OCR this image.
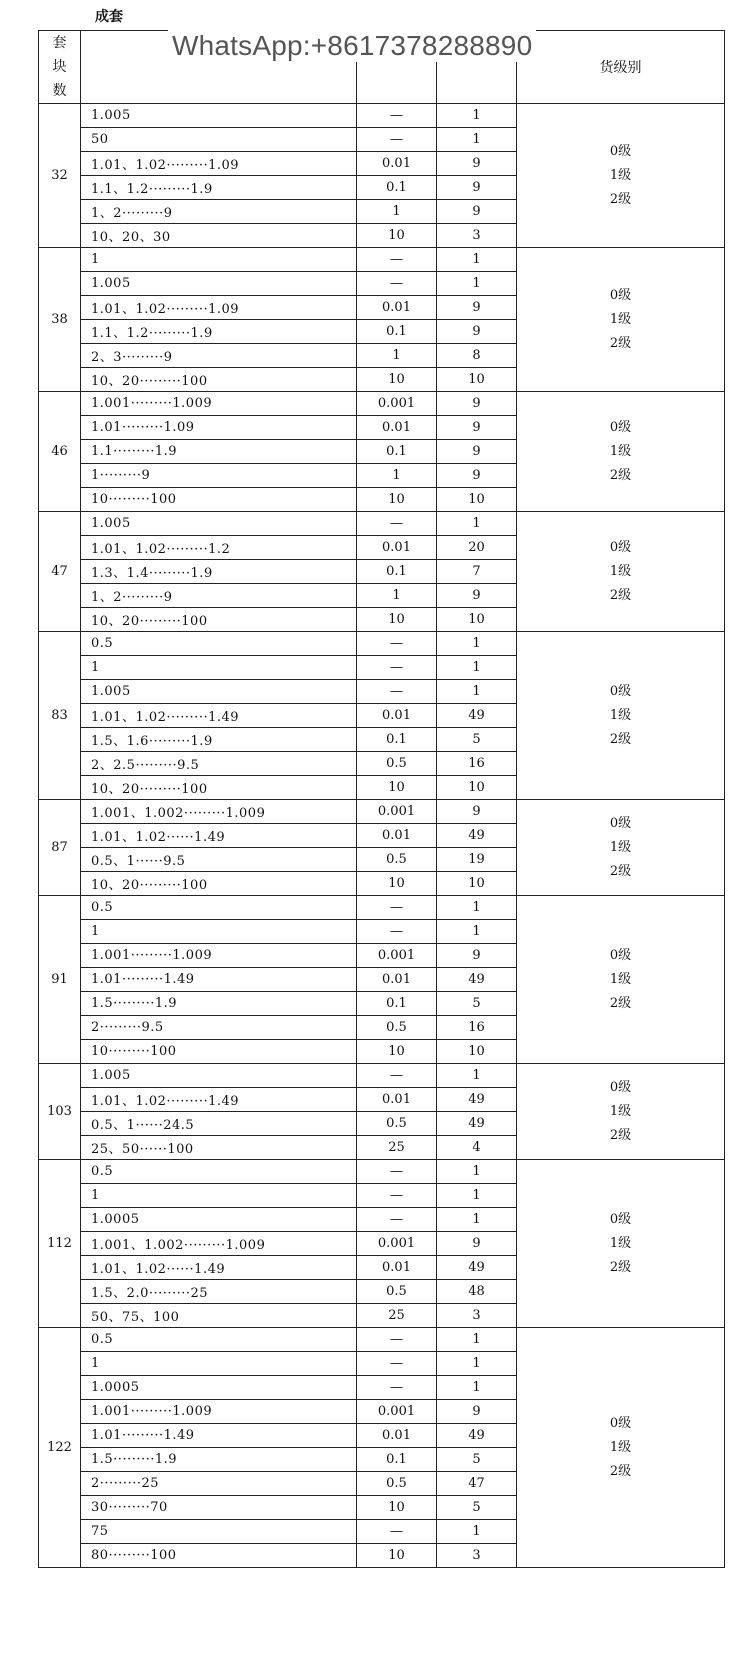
成套
套
块
数				货级别
32	1.005	—	1	0级
1级
2级

	50	—	1	
	1.01、1.02·········1.09	0.01	9	
	1.1、1.2·········1.9	0.1	9	
	1、2·········9	1	9	
	10、20、30	10	3	
38	1	—	1	0级
1级
2级

	1.005	—	1	
	1.01、1.02·········1.09	0.01	9	
	1.1、1.2·········1.9	0.1	9	
	2、3·········9	1	8	
	10、20·········100	10	10	
46	1.001·········1.009	0.001	9	0级
1级
2级

	1.01·········1.09	0.01	9	
	1.1·········1.9	0.1	9	
	1·········9	1	9	
	10·········100	10	10	
47	1.005	—	1	0级
1级
2级

	1.01、1.02·········1.2	0.01	20	
	1.3、1.4·········1.9	0.1	7	
	1、2·········9	1	9	
	10、20·········100	10	10	
83	0.5	—	1	0级
1级
2级

	1	—	1	
	1.005	—	1	
	1.01、1.02·········1.49	0.01	49	
	1.5、1.6·········1.9	0.1	5	
	2、2.5·········9.5	0.5	16	
	10、20·········100	10	10	
87	1.001、1.002·········1.009	0.001	9	0级
1级
2级

	1.01、1.02······1.49	0.01	49	
	0.5、1······9.5	0.5	19	
	10、20·········100	10	10	
91	0.5	—	1	0级
1级
2级

	1	—	1	
	1.001·········1.009	0.001	9	
	1.01·········1.49	0.01	49	
	1.5·········1.9	0.1	5	
	2·········9.5	0.5	16	
	10·········100	10	10	
103	1.005	—	1	0级
1级
2级

	1.01、1.02·········1.49	0.01	49	
	0.5、1······24.5	0.5	49	
	25、50······100	25	4	
112	0.5	—	1	0级
1级
2级

	1	—	1	
	1.0005	—	1	
	1.001、1.002·········1.009	0.001	9	
	1.01、1.02······1.49	0.01	49	
	1.5、2.0·········25	0.5	48	
	50、75、100	25	3	
122	0.5	—	1	0级
1级
2级

	1	—	1	
	1.0005	—	1	
	1.001·········1.009	0.001	9	
	1.01·········1.49	0.01	49	
	1.5·········1.9	0.1	5	
	2·········25	0.5	47	
	30·········70	10	5	
	75	—	1	
	80·········100	10	3	
WhatsApp:+8617378288890
